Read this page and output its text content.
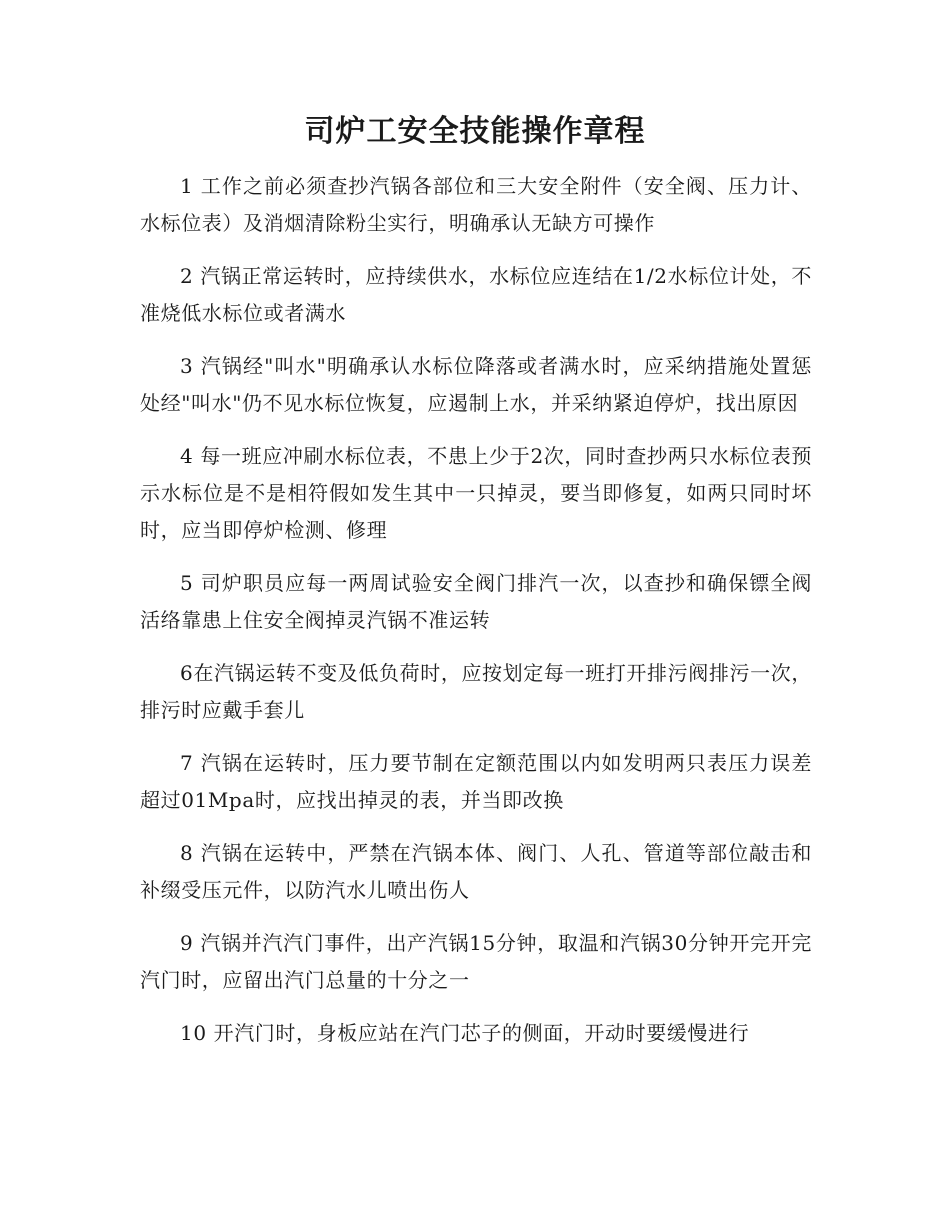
司炉工安全技能操作章程

1 工作之前必须查抄汽锅各部位和三大安全附件（安全阀、压力计、水标位表）及消烟清除粉尘实行，明确承认无缺方可操作

2 汽锅正常运转时，应持续供水，水标位应连结在1/2水标位计处，不准烧低水标位或者满水

3 汽锅经"叫水"明确承认水标位降落或者满水时，应采纳措施处置惩处经"叫水"仍不见水标位恢复，应遏制上水，并采纳紧迫停炉，找出原因

4 每一班应冲刷水标位表，不患上少于2次，同时查抄两只水标位表预示水标位是不是相符假如发生其中一只掉灵，要当即修复，如两只同时坏时，应当即停炉检测、修理

5 司炉职员应每一两周试验安全阀门排汽一次，以查抄和确保镖全阀活络靠患上住安全阀掉灵汽锅不准运转

6在汽锅运转不变及低负荷时，应按划定每一班打开排污阀排污一次，排污时应戴手套儿

7 汽锅在运转时，压力要节制在定额范围以内如发明两只表压力误差超过01Mpa时，应找出掉灵的表，并当即改换

8 汽锅在运转中，严禁在汽锅本体、阀门、人孔、管道等部位敲击和补缀受压元件，以防汽水儿喷出伤人

9 汽锅并汽汽门事件，出产汽锅15分钟，取温和汽锅30分钟开完开完汽门时，应留出汽门总量的十分之一

10 开汽门时，身板应站在汽门芯子的侧面，开动时要缓慢进行
